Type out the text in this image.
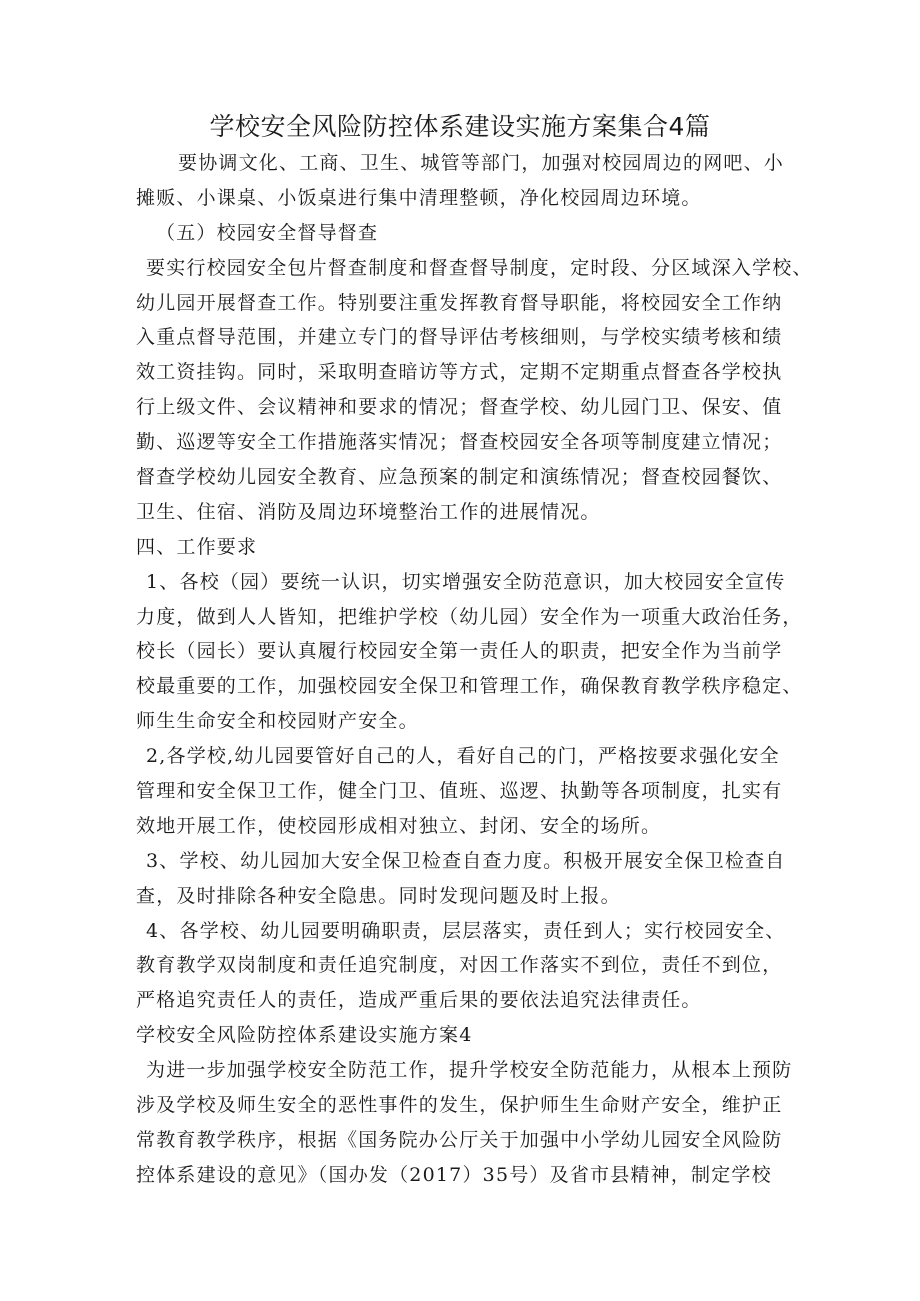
学校安全风险防控体系建设实施方案集合4篇
要协调文化、工商、卫生、城管等部门，加强对校园周边的网吧、小
摊贩、小课桌、小饭桌进行集中清理整顿，净化校园周边环境。
（五）校园安全督导督查
要实行校园安全包片督查制度和督查督导制度，定时段、分区域深入学校、
幼儿园开展督查工作。特别要注重发挥教育督导职能，将校园安全工作纳
入重点督导范围，并建立专门的督导评估考核细则，与学校实绩考核和绩
效工资挂钩。同时，采取明查暗访等方式，定期不定期重点督查各学校执
行上级文件、会议精神和要求的情况；督查学校、幼儿园门卫、保安、值
勤、巡逻等安全工作措施落实情况；督查校园安全各项等制度建立情况；
督查学校幼儿园安全教育、应急预案的制定和演练情况；督查校园餐饮、
卫生、住宿、消防及周边环境整治工作的进展情况。
四、工作要求
1、各校（园）要统一认识，切实增强安全防范意识，加大校园安全宣传
力度，做到人人皆知，把维护学校（幼儿园）安全作为一项重大政治任务，
校长（园长）要认真履行校园安全第一责任人的职责，把安全作为当前学
校最重要的工作，加强校园安全保卫和管理工作，确保教育教学秩序稳定、
师生生命安全和校园财产安全。
2,各学校,幼儿园要管好自己的人，看好自己的门，严格按要求强化安全
管理和安全保卫工作，健全门卫、值班、巡逻、执勤等各项制度，扎实有
效地开展工作，使校园形成相对独立、封闭、安全的场所。
3、学校、幼儿园加大安全保卫检查自查力度。积极开展安全保卫检查自
查，及时排除各种安全隐患。同时发现问题及时上报。
4、各学校、幼儿园要明确职责，层层落实，责任到人；实行校园安全、
教育教学双岗制度和责任追究制度，对因工作落实不到位，责任不到位，
严格追究责任人的责任，造成严重后果的要依法追究法律责任。
学校安全风险防控体系建设实施方案4
为进一步加强学校安全防范工作，提升学校安全防范能力，从根本上预防
涉及学校及师生安全的恶性事件的发生，保护师生生命财产安全，维护正
常教育教学秩序，根据《国务院办公厅关于加强中小学幼儿园安全风险防
控体系建设的意见》（国办发（2017）35号）及省市县精神，制定学校
